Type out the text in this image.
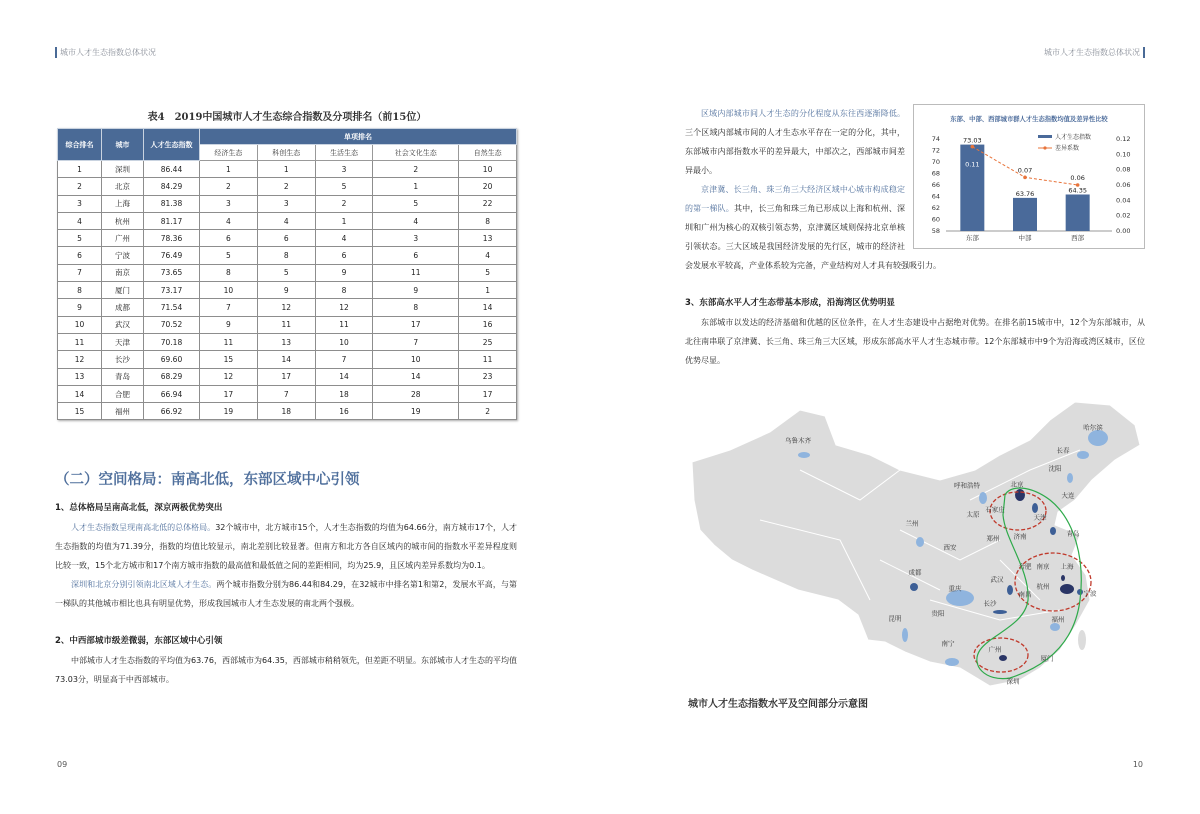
城市人才生态指数总体状况	城市人才生态指数总体状况
09	10
表4　2019中国城市人才生态综合指数及分项排名（前15位）
综合排名	城市	人才生态指数	单项排名				
			经济生态	科创生态	生活生态	社会文化生态	自然生态
1	深圳	86.44	1	1	3	2	10
2	北京	84.29	2	2	5	1	20
3	上海	81.38	3	3	2	5	22
4	杭州	81.17	4	4	1	4	8
5	广州	78.36	6	6	4	3	13
6	宁波	76.49	5	8	6	6	4
7	南京	73.65	8	5	9	11	5
8	厦门	73.17	10	9	8	9	1
9	成都	71.54	7	12	12	8	14
10	武汉	70.52	9	11	11	17	16
11	天津	70.18	11	13	10	7	25
12	长沙	69.60	15	14	7	10	11
13	青岛	68.29	12	17	14	14	23
14	合肥	66.94	17	7	18	28	17
15	福州	66.92	19	18	16	19	2
（二）空间格局：南高北低，东部区域中心引领
1、总体格局呈南高北低，深京两极优势突出

人才生态指数呈现南高北低的总体格局。32个城市中，北方城市15个，人才生态指数的均值为64.66分，南方城市17个，人才生态指数的均值为71.39分，指数的均值比较显示，南北差别比较显著。但南方和北方各自区域内的城市间的指数水平差异程度则比较一致，15个北方城市和17个南方城市指数的最高值和最低值之间的差距相同，均为25.9，且区域内差异系数均为0.1。

深圳和北京分别引领南北区域人才生态。两个城市指数分别为86.44和84.29，在32城市中排名第1和第2，发展水平高，与第一梯队的其他城市相比也具有明显优势，形成我国城市人才生态发展的南北两个强极。

2、中西部城市级差微弱，东部区域中心引领

中部城市人才生态指数的平均值为63.76，西部城市为64.35，西部城市稍稍领先，但差距不明显。东部城市人才生态的平均值73.03分，明显高于中西部城市。

东部、中部、西部城市群人才生态指数均值及差异性比较
58
60
62
64
66
68
70
72
74
0.00
0.02
0.04
0.06
0.08
0.10
0.12
73.03
东部
63.76
中部
64.35
西部
0.11
0.07
0.06
人才生态指数
差异系数

区域内部城市间人才生态的分化程度从东往西逐渐降低。三个区域内部城市间的人才生态水平存在一定的分化，其中，东部城市内部指数水平的差异最大，中部次之，西部城市间差异最小。

京津冀、长三角、珠三角三大经济区域中心城市构成稳定的第一梯队。其中，长三角和珠三角已形成以上海和杭州、深圳和广州为核心的双核引领态势，京津冀区域则保持北京单核引领状态。三大区域是我国经济发展的先行区，城市的经济社会发展水平较高，产业体系较为完备，产业结构对人才具有较强吸引力。

3、东部高水平人才生态带基本形成，沿海湾区优势明显

东部城市以发达的经济基础和优越的区位条件，在人才生态建设中占据绝对优势。在排名前15城市中，12个为东部城市，从北往南串联了京津冀、长三角、珠三角三大区域，形成东部高水平人才生态城市带。12个东部城市中9个为沿海或湾区城市，区位优势尽显。

乌鲁木齐
哈尔滨
长春
沈阳
大连
呼和浩特	北京
石家庄
太原	天津
青岛
济南
郑州
兰州
西安
成都
合肥 南京 上海
武汉
杭州
宁波
南昌
重庆
长沙
贵阳
福州
昆明
南宁
广州
厦门
深圳
城市人才生态指数水平及空间部分示意图
